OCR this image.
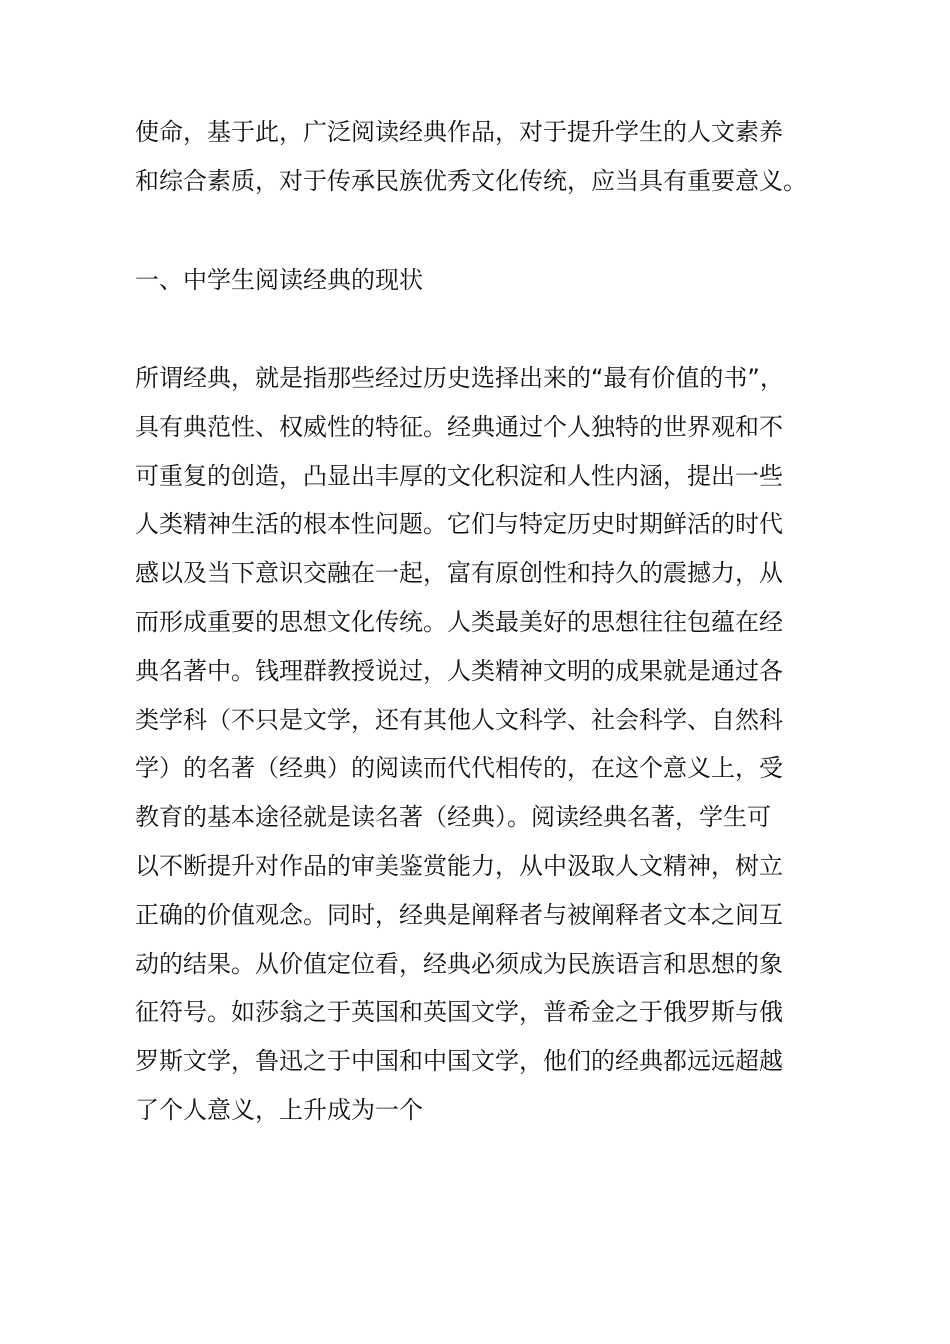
使命，基于此，广泛阅读经典作品，对于提升学生的人文素养
和综合素质，对于传承民族优秀文化传统，应当具有重要意义。
一、中学生阅读经典的现状
所谓经典，就是指那些经过历史选择出来的“最有价值的书”，
具有典范性、权威性的特征。经典通过个人独特的世界观和不
可重复的创造，凸显出丰厚的文化积淀和人性内涵，提出一些
人类精神生活的根本性问题。它们与特定历史时期鲜活的时代
感以及当下意识交融在一起，富有原创性和持久的震撼力，从
而形成重要的思想文化传统。人类最美好的思想往往包蕴在经
典名著中。钱理群教授说过，人类精神文明的成果就是通过各
类学科（不只是文学，还有其他人文科学、社会科学、自然科
学）的名著（经典）的阅读而代代相传的，在这个意义上，受
教育的基本途径就是读名著（经典）。阅读经典名著，学生可
以不断提升对作品的审美鉴赏能力，从中汲取人文精神，树立
正确的价值观念。同时，经典是阐释者与被阐释者文本之间互
动的结果。从价值定位看，经典必须成为民族语言和思想的象
征符号。如莎翁之于英国和英国文学，普希金之于俄罗斯与俄
罗斯文学，鲁迅之于中国和中国文学，他们的经典都远远超越
了个人意义，上升成为一个
